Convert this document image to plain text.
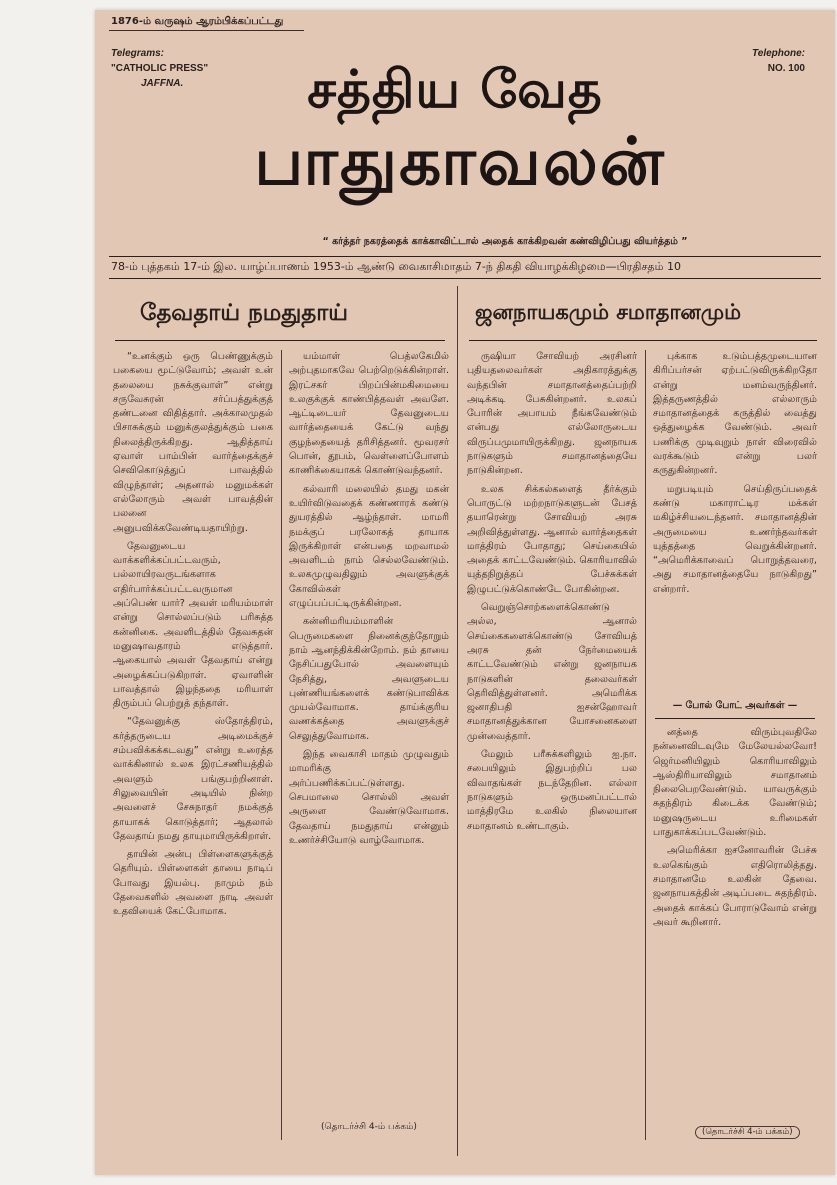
1876-ம் வருஷம் ஆரம்பிக்கப்பட்டது
Telegrams:
"CATHOLIC PRESS"
JAFFNA.
Telephone:
NO. 100
சத்திய வேத
பாதுகாவலன்
“ கர்த்தர் நகரத்தைக் காக்காவிட்டால் அதைக் காக்கிறவன் கண்விழிப்பது வியர்த்தம் ”
78-ம் புத்தகம் 17-ம் இல. யாழ்ப்பாணம் 1953-ம் ஆண்டு வைகாசிமாதம் 7-ந் திகதி வியாழக்கிழமை—பிரதிசதம் 10
தேவதாய் நமதுதாய்	ஜனநாயகமும் சமாதானமும்

“உனக்கும் ஒரு பெண்ணுக்கும் பகையை மூட்டுவோம்; அவள் உன் தலையை நசுக்குவாள்” என்று சருவேசுரன் சர்ப்பத்துக்குத் தண்டனை விதித்தார். அக்காலமுதல் பிசாசுக்கும் மனுக்குலத்துக்கும் பகை நிலைத்திருக்கிறது. ஆதித்தாய் ஏவாள் பாம்பின் வார்த்தைக்குச் செவிகொடுத்துப் பாவத்தில் விழுந்தாள்; அதனால் மனுமக்கள் எல்லோரும் அவள் பாவத்தின் பலனை அனுபவிக்கவேண்டியதாயிற்று.

தேவனுடைய வாக்களிக்கப்பட்டவரும், பல்லாயிரவருடங்களாக எதிர்பார்க்கப்பட்டவருமான அப்பெண் யார்? அவள் மரியம்மாள் என்று சொல்லப்படும் பரிசுத்த கன்னிகை. அவளிடத்தில் தேவசுதன் மனுஷாவதாரம் எடுத்தார். ஆகையால் அவள் தேவதாய் என்று அழைக்கப்படுகிறாள். ஏவாளின் பாவத்தால் இழந்ததை மரியாள் திரும்பப் பெற்றுத் தந்தாள்.

“தேவனுக்கு ஸ்தோத்திரம், கர்த்தருடைய அடிமைக்குச் சம்பவிக்கக்கடவது” என்று உரைத்த வாக்கினால் உலக இரட்சணியத்தில் அவளும் பங்குபற்றினாள். சிலுவையின் அடியில் நின்ற அவளைச் சேசுநாதர் நமக்குத் தாயாகக் கொடுத்தார்; ஆதலால் தேவதாய் நமது தாயுமாயிருக்கிறாள்.

தாயின் அன்பு பிள்ளைகளுக்குத் தெரியும். பிள்ளைகள் தாயை நாடிப் போவது இயல்பு. நாமும் நம் தேவைகளில் அவளை நாடி அவள் உதவியைக் கேட்போமாக.

யம்மாள் பெத்லகேமில் அற்புதமாகவே பெற்றெடுக்கின்றாள். இரட்சகர் பிறப்பின்மகிமையை உலகுக்குக் காண்பித்தவள் அவளே. ஆட்டிடையர் தேவனுடைய வார்த்தையைக் கேட்டு வந்து குழந்தையைத் தரிசித்தனர். மூவரசர் பொன், தூபம், வெள்ளைப்போளம் காணிக்கையாகக் கொண்டுவந்தனர்.

கல்வாரி மலையில் தமது மகன் உயிர்விடுவதைக் கண்ணாரக் கண்டு துயரத்தில் ஆழ்ந்தாள். மாமரி நமக்குப் பரலோகத் தாயாக இருக்கிறாள் என்பதை மறவாமல் அவளிடம் நாம் செல்லவேண்டும். உலகமுழுவதிலும் அவளுக்குக் கோவில்கள் எழுப்பப்பட்டிருக்கின்றன.

கன்னிமரியம்மாளின் பெருமைகளை நினைக்குந்தோறும் நாம் ஆனந்திக்கின்றோம். நம் தாயை நேசிப்பதுபோல் அவளையும் நேசித்து, அவளுடைய புண்ணியங்களைக் கண்டுபாவிக்க முயல்வோமாக. தாய்க்குரிய வணக்கத்தை அவளுக்குச் செலுத்துவோமாக.

இந்த வைகாசி மாதம் முழுவதும் மாமரிக்கு அர்ப்பணிக்கப்பட்டுள்ளது. செபமாலை சொல்லி அவள் அருளை வேண்டுவோமாக. தேவதாய் நமதுதாய் என்னும் உணர்ச்சியோடு வாழ்வோமாக.

(தொடர்ச்சி 4-ம் பக்கம்)

ருஷியா சோவியற் அரசினர் புதியதலைவர்கள் அதிகாரத்துக்கு வந்தபின் சமாதானத்தைப்பற்றி அடிக்கடி பேசுகின்றனர். உலகப் போரின் அபாயம் நீங்கவேண்டும் என்பது எல்லோருடைய விருப்பமுமாயிருக்கிறது. ஜனநாயக நாடுகளும் சமாதானத்தையே நாடுகின்றன.

உலக சிக்கல்களைத் தீர்க்கும் பொருட்டு மற்றநாடுகளுடன் பேசத் தயாரென்று சோவியற் அரசு அறிவித்துள்ளது. ஆனால் வார்த்தைகள் மாத்திரம் போதாது; செய்கையில் அதைக் காட்டவேண்டும். கொரியாவில் யுத்தநிறுத்தப் பேச்சுக்கள் இழுபட்டுக்கொண்டே போகின்றன.

வெறுஞ்சொற்களைக்கொண்டு அல்ல, ஆனால் செய்கைகளைக்கொண்டு சோவியத் அரசு தன் நேர்மையைக் காட்டவேண்டும் என்று ஜனநாயக நாடுகளின் தலைவர்கள் தெரிவித்துள்ளனர். அமெரிக்க ஜனாதிபதி ஐசன்ஹோவர் சமாதானத்துக்கான யோசனைகளை முன்வைத்தார்.

மேலும் பரீசுக்களிலும் ஐ.நா. சபையிலும் இதுபற்றிப் பல விவாதங்கள் நடந்தேறின. எல்லா நாடுகளும் ஒருமனப்பட்டால் மாத்திரமே உலகில் நிலையான சமாதானம் உண்டாகும்.

புக்காக உடும்பத்தமுடையான கிரிப்பர்சன் ஏற்பட்டுவிருக்கிறதோ என்று மனம்வருந்தினர். இத்தருணத்தில் எல்லாரும் சமாதானத்தைக் கருத்தில் வைத்து ஒத்துழைக்க வேண்டும். அவர் பணிக்கு முடிவுறும் நாள் விரைவில் வரக்கூடும் என்று பலர் கருதுகின்றனர்.

மறுபடியும் செய்திருப்பதைக் கண்டு மகாராட்டிர மக்கள் மகிழ்ச்சியடைந்தனர். சமாதானத்தின் அருமையை உணர்ந்தவர்கள் யுத்தத்தை வெறுக்கின்றனர். “அமெரிக்காவைப் பொறுத்தவரை, அது சமாதானத்தையே நாடுகிறது” என்றார்.

— போல் போட் அவர்கள் —

னத்தை விரும்புவதிலே நன்னைவிடவுமே மேலேயல்லவோ! ஜெர்மனியிலும் கொரியாவிலும் ஆஸ்திரியாவிலும் சமாதானம் நிலைபெறவேண்டும். யாவருக்கும் சுதந்திரம் கிடைக்க வேண்டும்; மனுஷருடைய உரிமைகள் பாதுகாக்கப்படவேண்டும்.

அமெரிக்கா ஐசனோவரின் பேச்சு உலகெங்கும் எதிரொலித்தது. சமாதானமே உலகின் தேவை. ஜனநாயகத்தின் அடிப்படை சுதந்திரம். அதைக் காக்கப் போராடுவோம் என்று அவர் கூறினார்.

(தொடர்ச்சி 4-ம் பக்கம்)
